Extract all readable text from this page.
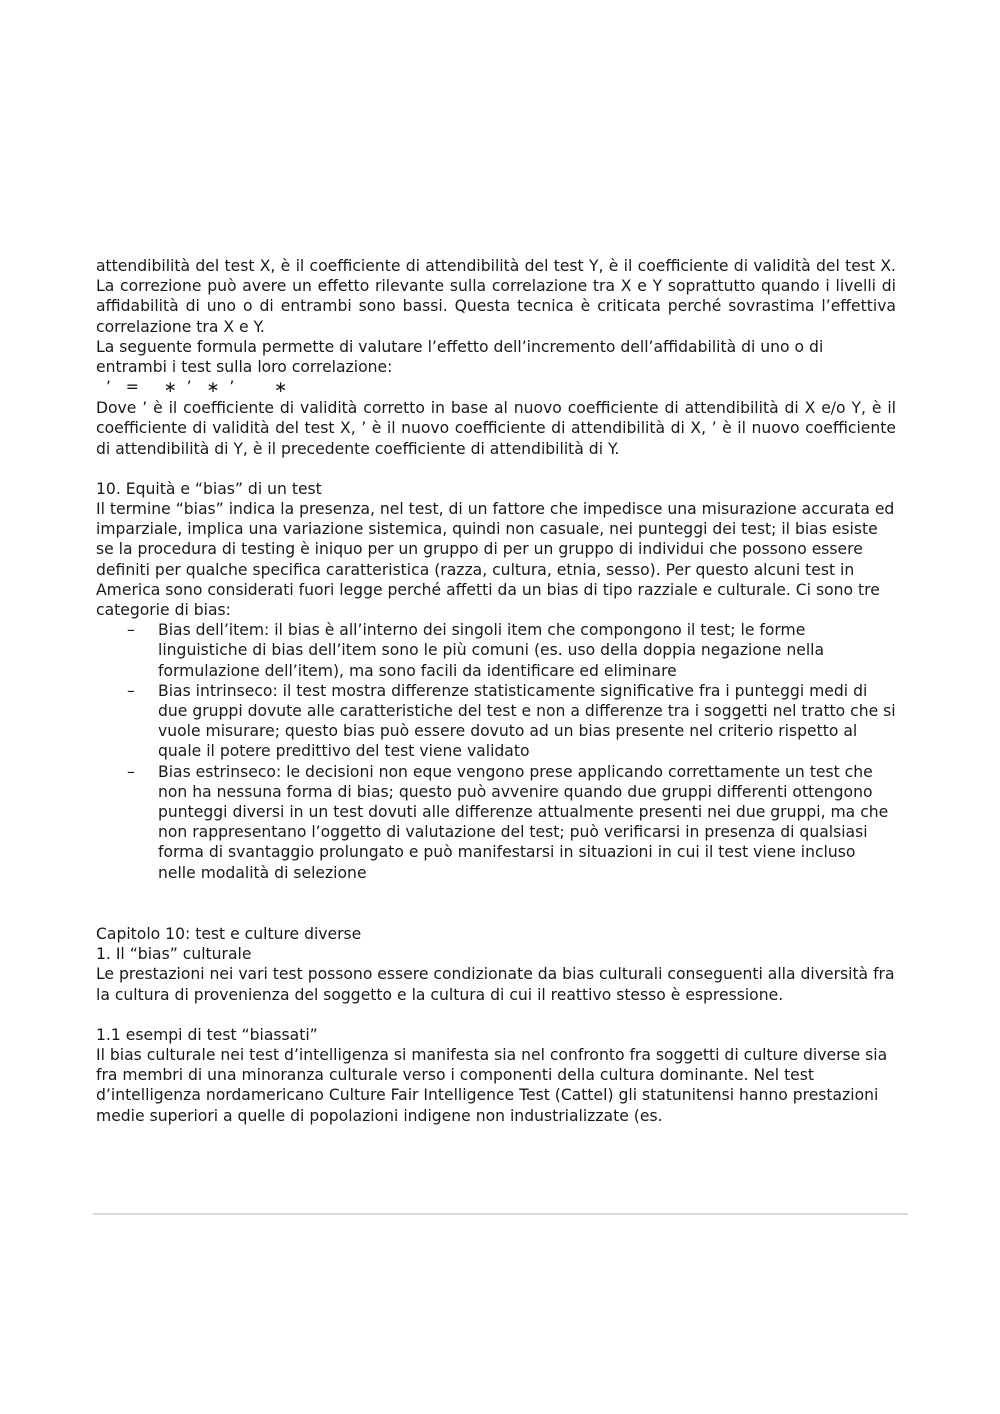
attendibilità del test X, è il coefficiente di attendibilità del test Y, è il coefficiente di validità del test X. La correzione può avere un effetto rilevante sulla correlazione tra X e Y soprattutto quando i livelli di affidabilità di uno o di entrambi sono bassi. Questa tecnica è criticata perché sovrastima l’effettiva correlazione tra X e Y.

La seguente formula permette di valutare l’effetto dell’incremento dell’affidabilità di uno o di entrambi i test sulla loro correlazione:

’   =     ∗  ’   ∗  ’        ∗

Dove ’ è il coefficiente di validità corretto in base al nuovo coefficiente di attendibilità di X e/o Y, è il coefficiente di validità del test X, ’ è il nuovo coefficiente di attendibilità di X, ’ è il nuovo coefficiente di attendibilità di Y, è il precedente coefficiente di attendibilità di Y.

10. Equità e “bias” di un test

Il termine “bias” indica la presenza, nel test, di un fattore che impedisce una misurazione accurata ed imparziale, implica una variazione sistemica, quindi non casuale, nei punteggi dei test; il bias esiste se la procedura di testing è iniquo per un gruppo di per un gruppo di individui che possono essere definiti per qualche specifica caratteristica (razza, cultura, etnia, sesso). Per questo alcuni test in America sono considerati fuori legge perché affetti da un bias di tipo razziale e culturale. Ci sono tre categorie di bias:

– Bias dell’item: il bias è all’interno dei singoli item che compongono il test; le forme linguistiche di bias dell’item sono le più comuni (es. uso della doppia negazione nella formulazione dell’item), ma sono facili da identificare ed eliminare
– Bias intrinseco: il test mostra differenze statisticamente significative fra i punteggi medi di due gruppi dovute alle caratteristiche del test e non a differenze tra i soggetti nel tratto che si vuole misurare; questo bias può essere dovuto ad un bias presente nel criterio rispetto al quale il potere predittivo del test viene validato
– Bias estrinseco: le decisioni non eque vengono prese applicando correttamente un test che non ha nessuna forma di bias; questo può avvenire quando due gruppi differenti ottengono punteggi diversi in un test dovuti alle differenze attualmente presenti nei due gruppi, ma che non rappresentano l’oggetto di valutazione del test; può verificarsi in presenza di qualsiasi forma di svantaggio prolungato e può manifestarsi in situazioni in cui il test viene incluso nelle modalità di selezione

Capitolo 10: test e culture diverse

1. Il “bias” culturale

Le prestazioni nei vari test possono essere condizionate da bias culturali conseguenti alla diversità fra la cultura di provenienza del soggetto e la cultura di cui il reattivo stesso è espressione.

1.1 esempi di test “biassati”

Il bias culturale nei test d’intelligenza si manifesta sia nel confronto fra soggetti di culture diverse sia fra membri di una minoranza culturale verso i componenti della cultura dominante. Nel test d’intelligenza nordamericano Culture Fair Intelligence Test (Cattel) gli statunitensi hanno prestazioni medie superiori a quelle di popolazioni indigene non industrializzate (es.
